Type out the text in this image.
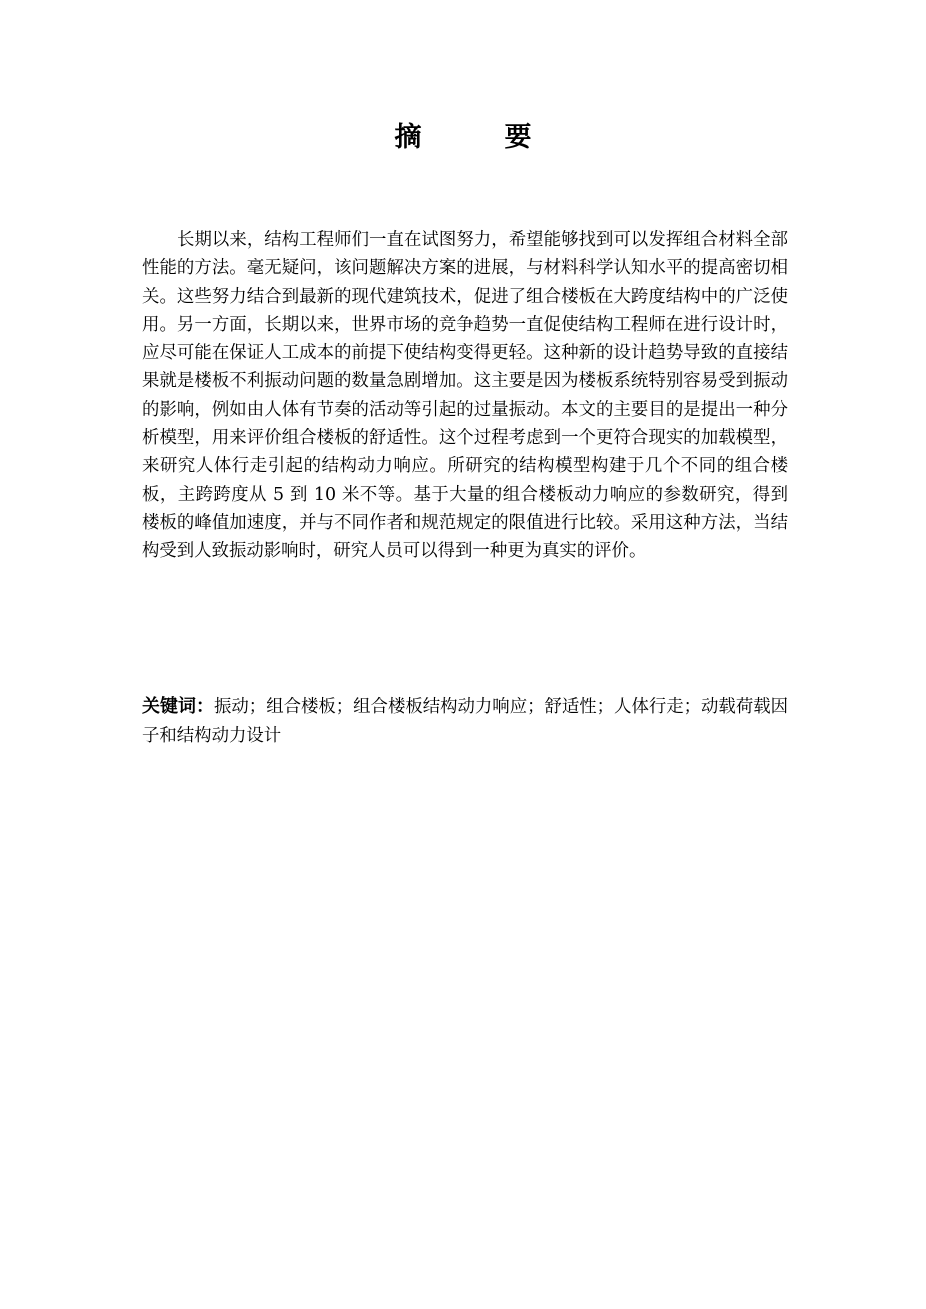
摘　要

长期以来，结构工程师们一直在试图努力，希望能够找到可以发挥组合材料全部性能的方法。毫无疑问，该问题解决方案的进展，与材料科学认知水平的提高密切相关。这些努力结合到最新的现代建筑技术，促进了组合楼板在大跨度结构中的广泛使用。另一方面，长期以来，世界市场的竞争趋势一直促使结构工程师在进行设计时，应尽可能在保证人工成本的前提下使结构变得更轻。这种新的设计趋势导致的直接结果就是楼板不利振动问题的数量急剧增加。这主要是因为楼板系统特别容易受到振动的影响，例如由人体有节奏的活动等引起的过量振动。本文的主要目的是提出一种分析模型，用来评价组合楼板的舒适性。这个过程考虑到一个更符合现实的加载模型，来研究人体行走引起的结构动力响应。所研究的结构模型构建于几个不同的组合楼板，主跨跨度从 5 到 10 米不等。基于大量的组合楼板动力响应的参数研究，得到楼板的峰值加速度，并与不同作者和规范规定的限值进行比较。采用这种方法，当结构受到人致振动影响时，研究人员可以得到一种更为真实的评价。

关键词：振动；组合楼板；组合楼板结构动力响应；舒适性；人体行走；动载荷载因子和结构动力设计
